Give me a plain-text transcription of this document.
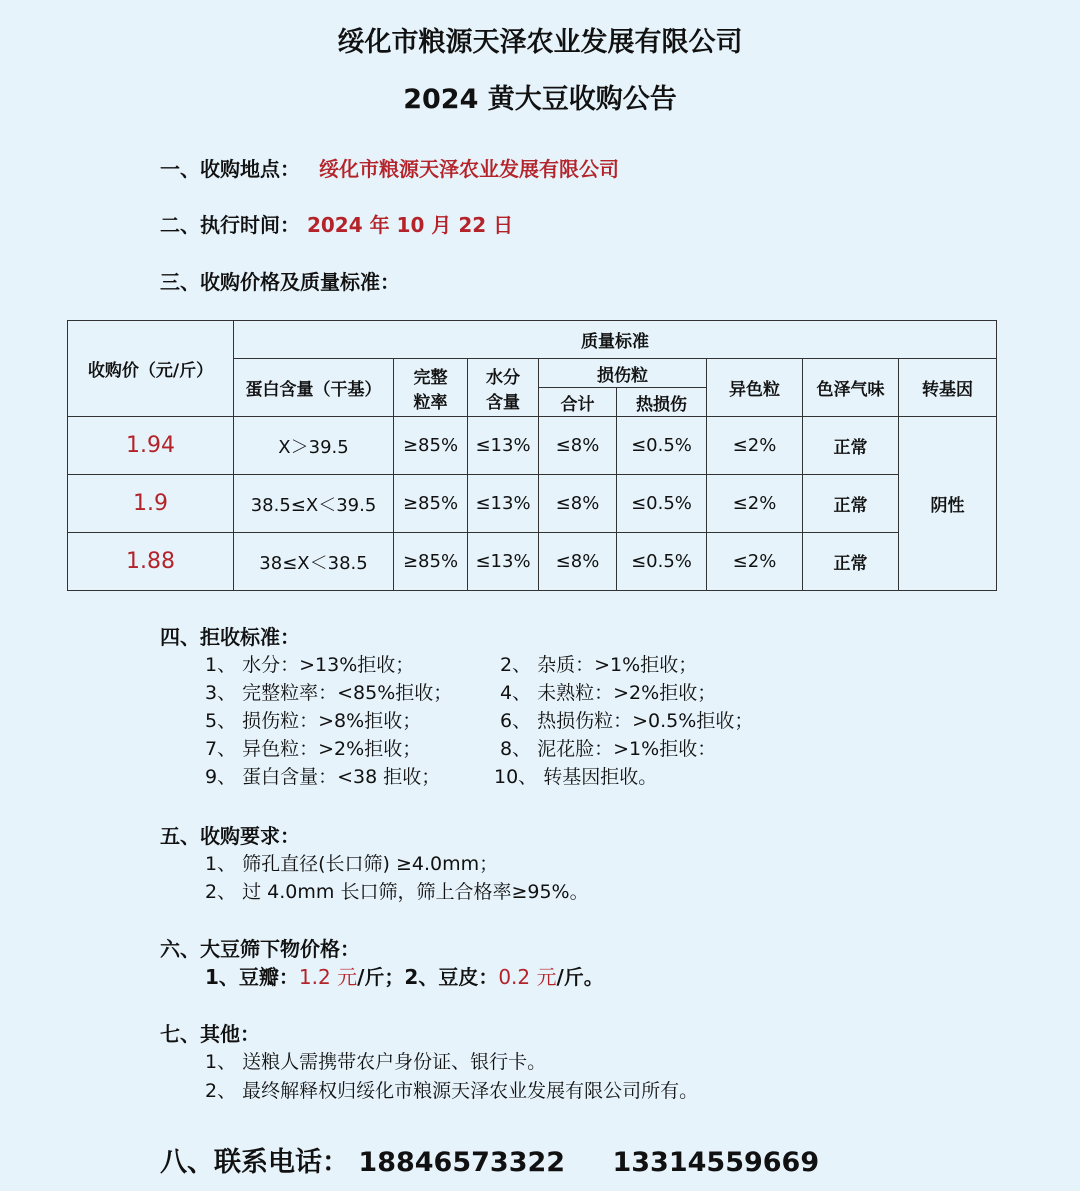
绥化市粮源天泽农业发展有限公司
2024 黄大豆收购公告
一、收购地点： 绥化市粮源天泽农业发展有限公司
二、执行时间： 2024 年 10 月 22 日
三、收购价格及质量标准：
收购价（元/斤）	质量标准							
	蛋白含量（干基）	完整粒率	水分含量	损伤粒		异色粒	色泽气味	转基因
				合计	热损伤			
1.94	X＞39.5	≥85%	≤13%	≤8%	≤0.5%	≤2%	正常	阴性
1.9	38.5≤X＜39.5	≥85%	≤13%	≤8%	≤0.5%	≤2%	正常	
1.88	38≤X＜38.5	≥85%	≤13%	≤8%	≤0.5%	≤2%	正常	
四、拒收标准：
1、 水分：>13%拒收；	2、 杂质：>1%拒收；
3、 完整粒率：<85%拒收；	4、 未熟粒：>2%拒收；
5、 损伤粒：>8%拒收；	6、 热损伤粒：>0.5%拒收；
7、 异色粒：>2%拒收；	8、 泥花脸：>1%拒收：
9、 蛋白含量：<38 拒收；	10、 转基因拒收。
五、收购要求：
1、 筛孔直径(长口筛) ≥4.0mm；
2、 过 4.0mm 长口筛，筛上合格率≥95%。
六、大豆筛下物价格：
1、豆瓣：1.2 元/斤；2、豆皮：0.2 元/斤。
七、其他：
1、 送粮人需携带农户身份证、银行卡。
2、 最终解释权归绥化市粮源天泽农业发展有限公司所有。
八、联系电话： 18846573322 13314559669
